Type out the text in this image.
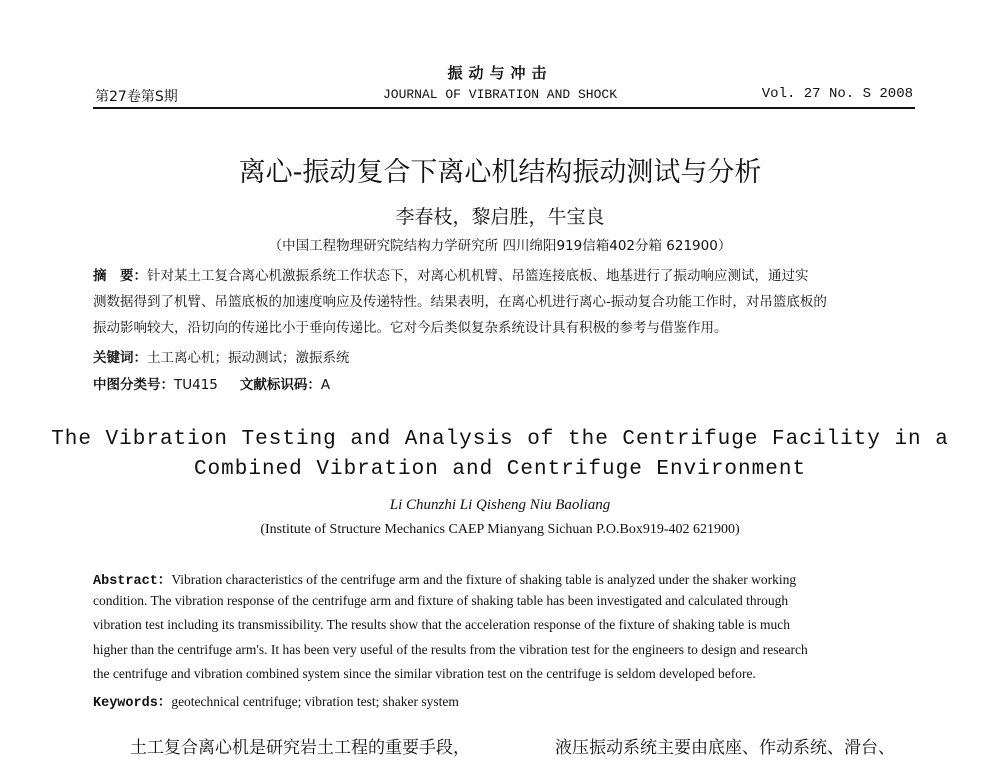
振动与冲击
第27卷第S期	JOURNAL OF VIBRATION AND SHOCK	Vol. 27 No. S 2008
离心-振动复合下离心机结构振动测试与分析
李春枝，黎启胜，牛宝良
（中国工程物理研究院结构力学研究所 四川绵阳919信箱402分箱 621900）
摘　要：针对某土工复合离心机激振系统工作状态下，对离心机机臂、吊篮连接底板、地基进行了振动响应测试，通过实
测数据得到了机臂、吊篮底板的加速度响应及传递特性。结果表明，在离心机进行离心-振动复合功能工作时，对吊篮底板的
振动影响较大，沿切向的传递比小于垂向传递比。它对今后类似复杂系统设计具有积极的参考与借鉴作用。
关键词：土工离心机；振动测试；激振系统
中图分类号：TU415 文献标识码：A
The Vibration Testing and Analysis of the Centrifuge Facility in a
Combined Vibration and Centrifuge Environment
Li Chunzhi Li Qisheng Niu Baoliang
(Institute of Structure Mechanics CAEP Mianyang Sichuan P.O.Box919-402 621900)
Abstract：Vibration characteristics of the centrifuge arm and the fixture of shaking table is analyzed under the shaker working
condition. The vibration response of the centrifuge arm and fixture of shaking table has been investigated and calculated through
vibration test including its transmissibility. The results show that the acceleration response of the fixture of shaking table is much
higher than the centrifuge arm's. It has been very useful of the results from the vibration test for the engineers to design and research
the centrifuge and vibration combined system since the similar vibration test on the centrifuge is seldom developed before.
Keywords：geotechnical centrifuge; vibration test; shaker system
土工复合离心机是研究岩土工程的重要手段，	液压振动系统主要由底座、作动系统、滑台、
